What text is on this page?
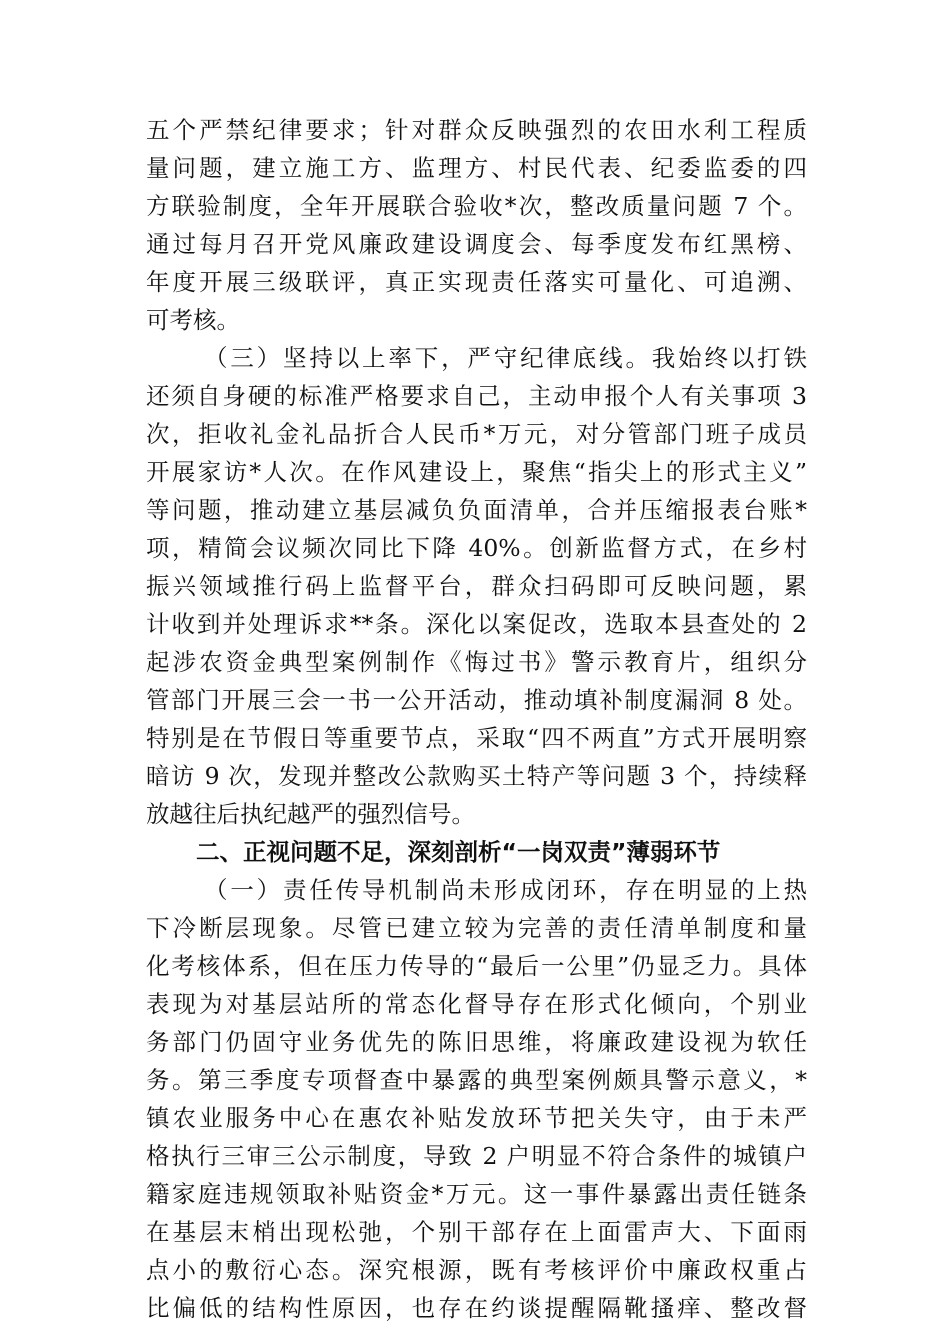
五个严禁纪律要求；针对群众反映强烈的农田水利工程质
量问题，建立施工方、监理方、村民代表、纪委监委的四
方联验制度，全年开展联合验收*次，整改质量问题 7 个。
通过每月召开党风廉政建设调度会、每季度发布红黑榜、
年度开展三级联评，真正实现责任落实可量化、可追溯、
可考核。
（三）坚持以上率下，严守纪律底线。我始终以打铁
还须自身硬的标准严格要求自己，主动申报个人有关事项 3
次，拒收礼金礼品折合人民币*万元，对分管部门班子成员
开展家访*人次。在作风建设上，聚焦“指尖上的形式主义”
等问题，推动建立基层减负负面清单，合并压缩报表台账*
项，精简会议频次同比下降 40%。创新监督方式，在乡村
振兴领域推行码上监督平台，群众扫码即可反映问题，累
计收到并处理诉求**条。深化以案促改，选取本县查处的 2
起涉农资金典型案例制作《悔过书》警示教育片，组织分
管部门开展三会一书一公开活动，推动填补制度漏洞 8 处。
特别是在节假日等重要节点，采取“四不两直”方式开展明察
暗访 9 次，发现并整改公款购买土特产等问题 3 个，持续释
放越往后执纪越严的强烈信号。
二、正视问题不足，深刻剖析“一岗双责”薄弱环节
（一）责任传导机制尚未形成闭环，存在明显的上热
下冷断层现象。尽管已建立较为完善的责任清单制度和量
化考核体系，但在压力传导的“最后一公里”仍显乏力。具体
表现为对基层站所的常态化督导存在形式化倾向，个别业
务部门仍固守业务优先的陈旧思维，将廉政建设视为软任
务。第三季度专项督查中暴露的典型案例颇具警示意义，*
镇农业服务中心在惠农补贴发放环节把关失守，由于未严
格执行三审三公示制度，导致 2 户明显不符合条件的城镇户
籍家庭违规领取补贴资金*万元。这一事件暴露出责任链条
在基层末梢出现松弛，个别干部存在上面雷声大、下面雨
点小的敷衍心态。深究根源，既有考核评价中廉政权重占
比偏低的结构性原因，也存在约谈提醒隔靴搔痒、整改督
